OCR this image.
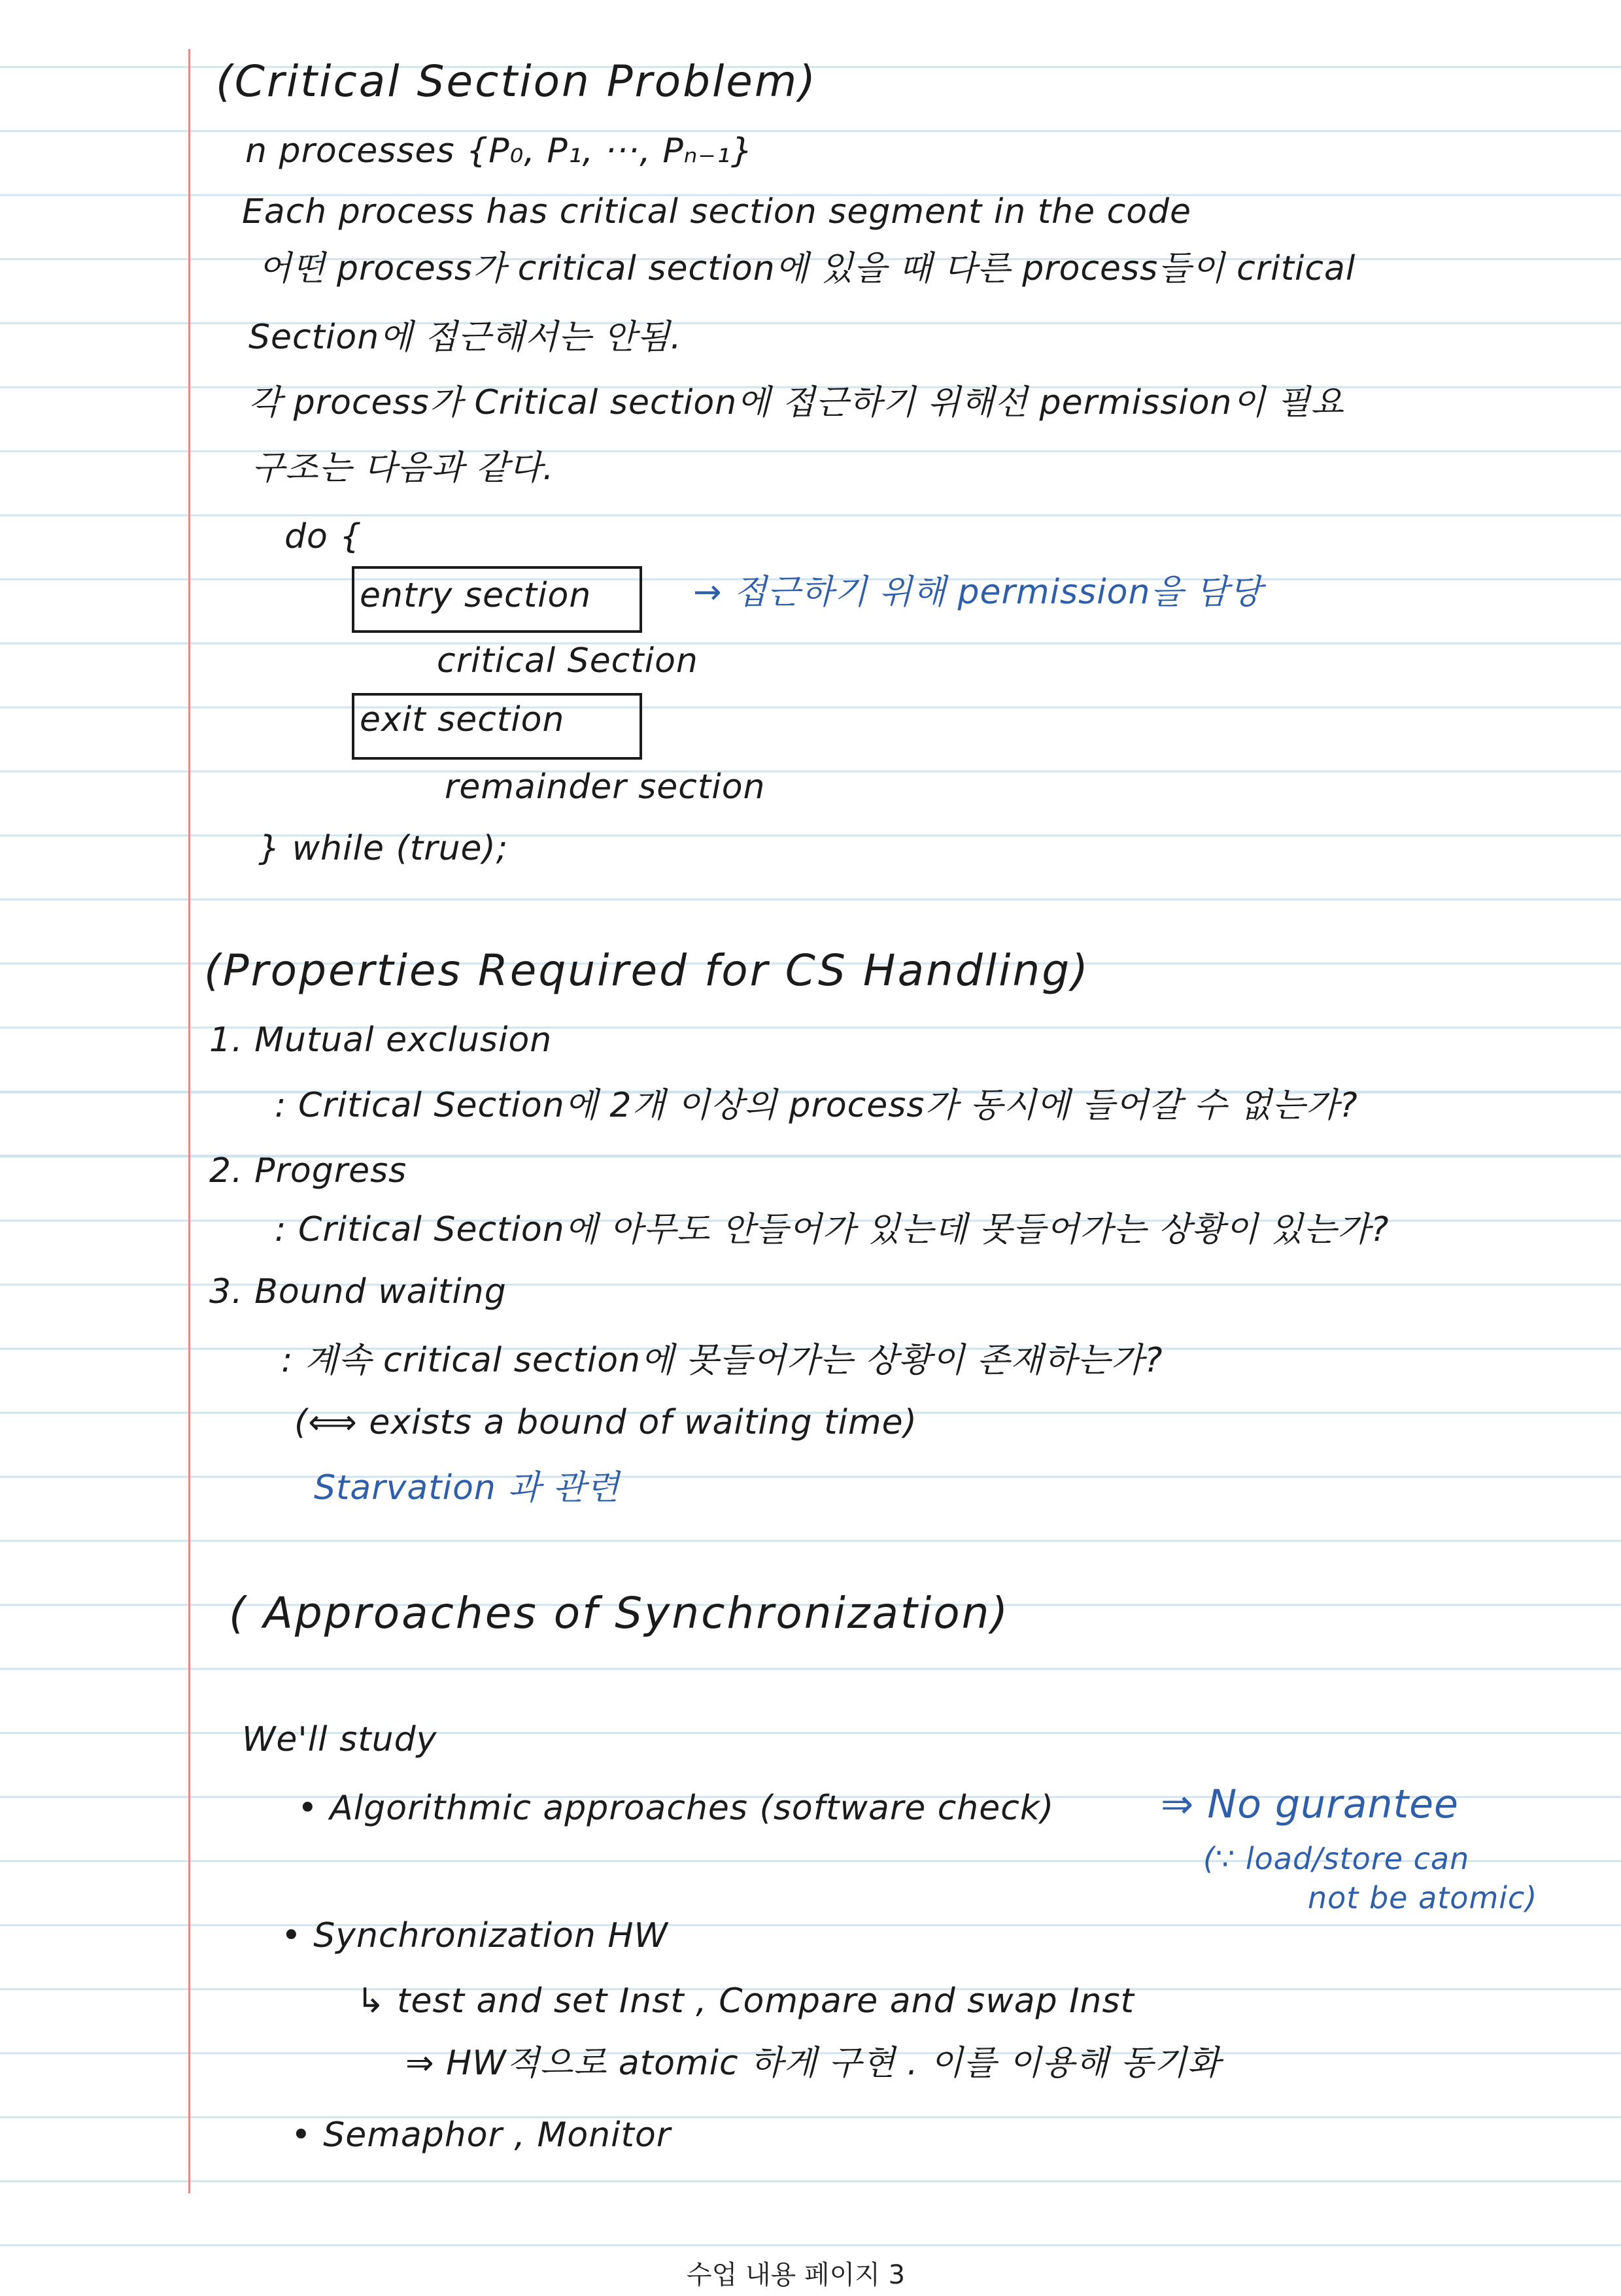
(Critical Section Problem)
n processes {P₀, P₁, ···, Pₙ₋₁}
Each process has critical section segment in the code
어떤 process가 critical section에 있을 때 다른 process들이 critical
Section에 접근해서는 안됨.
각 process가 Critical section에 접근하기 위해선 permission이 필요
구조는 다음과 같다.
do {
entry section	→ 접근하기 위해 permission을 담당
critical Section
exit section
remainder section
} while (true);
(Properties Required for CS Handling)
1. Mutual exclusion
: Critical Section에 2개 이상의 process가 동시에 들어갈 수 없는가?
2. Progress
: Critical Section에 아무도 안들어가 있는데 못들어가는 상황이 있는가?
3. Bound waiting
: 계속 critical section에 못들어가는 상황이 존재하는가?
(⟺ exists a bound of waiting time)
Starvation 과 관련
( Approaches of Synchronization)
We'll study
• Algorithmic approaches (software check)	⇒ No gurantee
(∵ load/store can
not be atomic)
• Synchronization HW
↳ test and set Inst , Compare and swap Inst
⇒ HW적으로 atomic 하게 구현 . 이를 이용해 동기화
• Semaphor , Monitor
수업 내용 페이지 3
